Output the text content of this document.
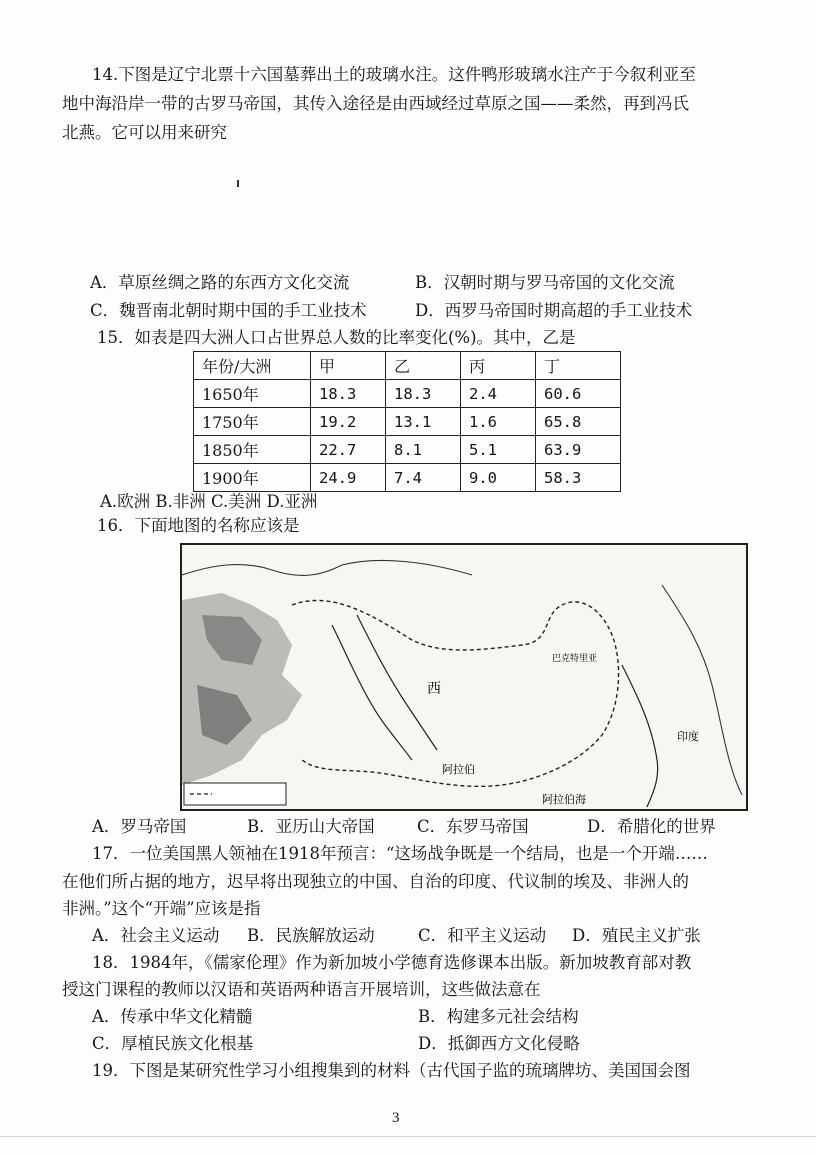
14.下图是辽宁北票十六国墓葬出土的玻璃水注。这件鸭形玻璃水注产于今叙利亚至
地中海沿岸一带的古罗马帝国，其传入途径是由西域经过草原之国——柔然，再到冯氏
北燕。它可以用来研究
A．草原丝绸之路的东西方文化交流	B．汉朝时期与罗马帝国的文化交流
C．魏晋南北朝时期中国的手工业技术	D．西罗马帝国时期高超的手工业技术
15．如表是四大洲人口占世界总人数的比率变化(%)。其中，乙是
年份/大洲	甲	乙	丙	丁
1650年	18.3	18.3	2.4	60.6
1750年	19.2	13.1	1.6	65.8
1850年	22.7	8.1	5.1	63.9
1900年	24.9	7.4	9.0	58.3
A.欧洲 B.非洲 C.美洲 D.亚洲
16．下面地图的名称应该是
巴克特里亚
西
阿拉伯
印度
阿拉伯海
A．罗马帝国	B．亚历山大帝国	C．东罗马帝国	D．希腊化的世界
17．一位美国黑人领袖在1918年预言：“这场战争既是一个结局，也是一个开端……
在他们所占据的地方，迟早将出现独立的中国、自治的印度、代议制的埃及、非洲人的
非洲。”这个“开端”应该是指
A．社会主义运动 B．民族解放运动	C．和平主义运动 D．殖民主义扩张
18．1984年，《儒家伦理》作为新加坡小学德育选修课本出版。新加坡教育部对教
授这门课程的教师以汉语和英语两种语言开展培训，这些做法意在
A．传承中华文化精髓	B．构建多元社会结构
C．厚植民族文化根基	D．抵御西方文化侵略
19．下图是某研究性学习小组搜集到的材料（古代国子监的琉璃牌坊、美国国会图
3
